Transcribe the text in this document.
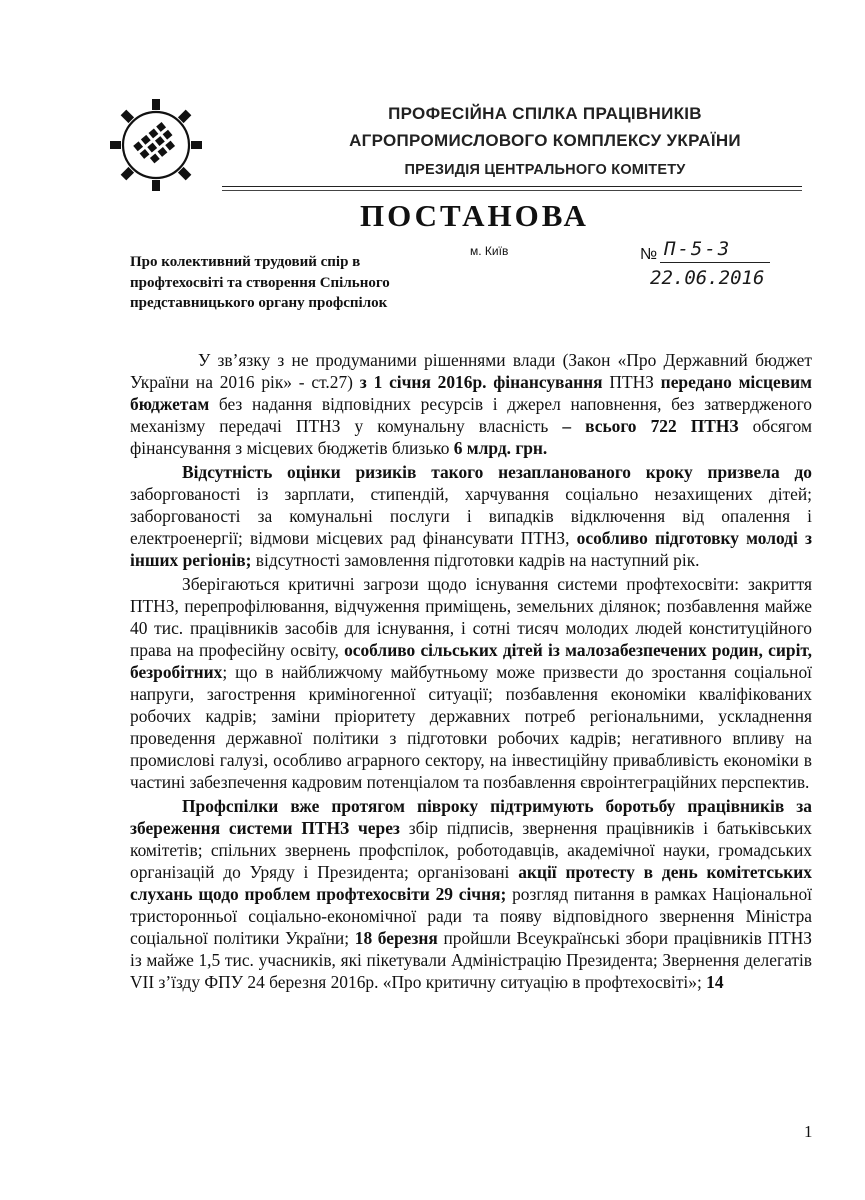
ПРОФЕСІЙНА СПІЛКА ПРАЦІВНИКІВ
АГРОПРОМИСЛОВОГО КОМПЛЕКСУ УКРАЇНИ
ПРЕЗИДІЯ ЦЕНТРАЛЬНОГО КОМІТЕТУ
ПОСТАНОВА
Про колективний трудовий спір в профтехосвіті та створення Спільного представницького органу профспілок
м. Київ	№ П-5-3
22.06.2016

У зв’язку з не продуманими рішеннями влади (Закон «Про Державний бюджет України на 2016 рік» - ст.27) з 1 січня 2016р. фінансування ПТНЗ передано місцевим бюджетам без надання відповідних ресурсів і джерел наповнення, без затвердженого механізму передачі ПТНЗ у комунальну власність – всього 722 ПТНЗ обсягом фінансування з місцевих бюджетів близько 6 млрд. грн.

Відсутність оцінки ризиків такого незапланованого кроку призвела до заборгованості із зарплати, стипендій, харчування соціально незахищених дітей; заборгованості за комунальні послуги і випадків відключення від опалення і електроенергії; відмови місцевих рад фінансувати ПТНЗ, особливо підготовку молоді з інших регіонів; відсутності замовлення підготовки кадрів на наступний рік.

Зберігаються критичні загрози щодо існування системи профтехосвіти: закриття ПТНЗ, перепрофілювання, відчуження приміщень, земельних ділянок; позбавлення майже 40 тис. працівників засобів для існування, і сотні тисяч молодих людей конституційного права на професійну освіту, особливо сільських дітей із малозабезпечених родин, сиріт, безробітних; що в найближчому майбутньому може призвести до зростання соціальної напруги, загострення криміногенної ситуації; позбавлення економіки кваліфікованих робочих кадрів; заміни пріоритету державних потреб регіональними, ускладнення проведення державної політики з підготовки робочих кадрів; негативного впливу на промислові галузі, особливо аграрного сектору, на інвестиційну привабливість економіки в частині забезпечення кадровим потенціалом та позбавлення євроінтеграційних перспектив.

Профспілки вже протягом півроку підтримують боротьбу працівників за збереження системи ПТНЗ через збір підписів, звернення працівників і батьківських комітетів; спільних звернень профспілок, роботодавців, академічної науки, громадських організацій до Уряду і Президента; організовані акції протесту в день комітетських слухань щодо проблем профтехосвіти 29 січня; розгляд питання в рамках Національної тристоронньої соціально-економічної ради та появу відповідного звернення Міністра соціальної політики України; 18 березня пройшли Всеукраїнські збори працівників ПТНЗ із майже 1,5 тис. учасників, які пікетували Адміністрацію Президента; Звернення делегатів VII з’їзду ФПУ 24 березня 2016р. «Про критичну ситуацію в профтехосвіті»; 14

1
